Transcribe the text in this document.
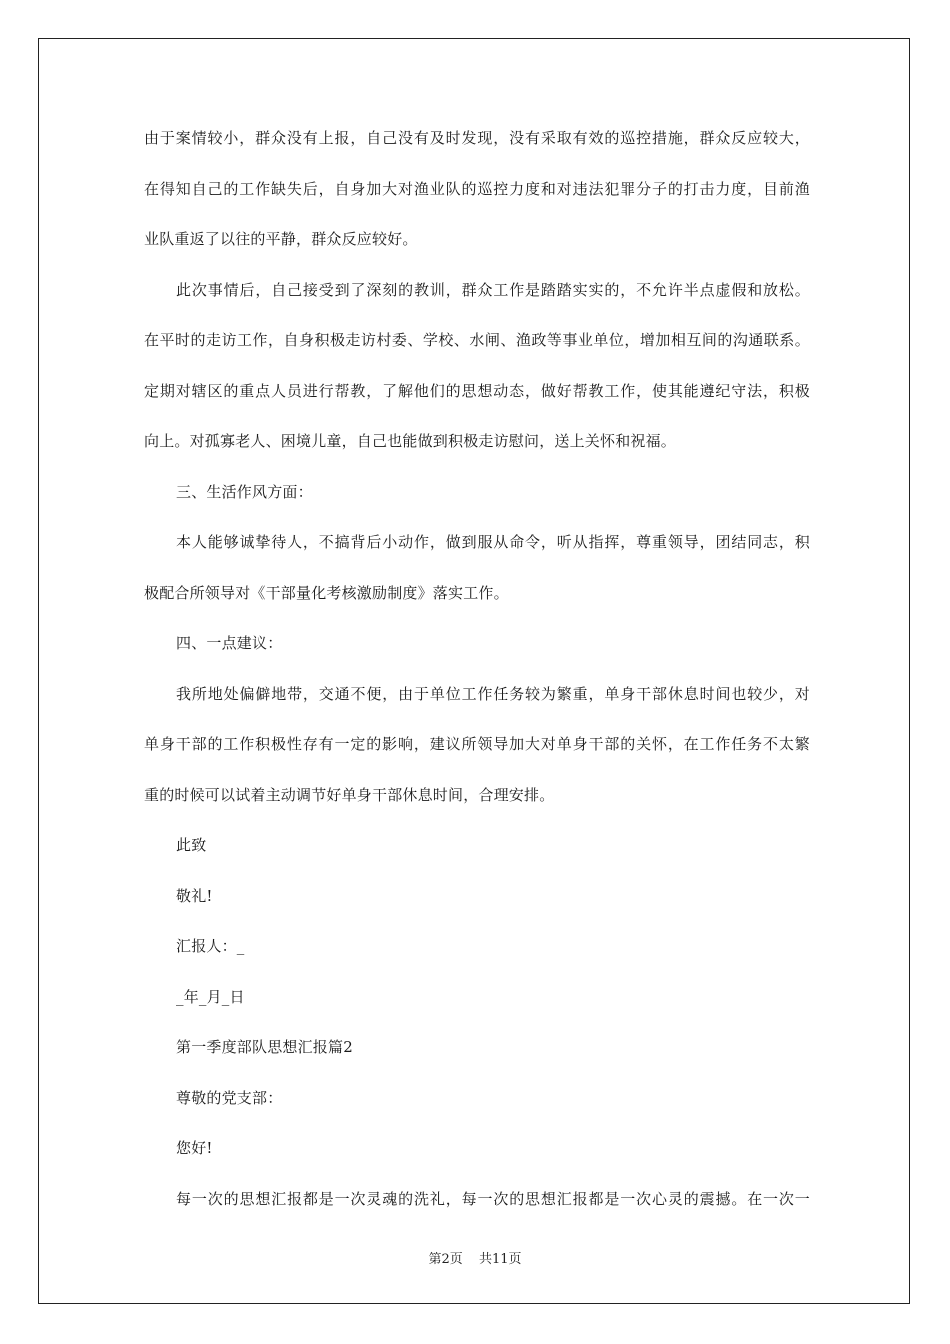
由于案情较小，群众没有上报，自己没有及时发现，没有采取有效的巡控措施，群众反应较大，
在得知自己的工作缺失后，自身加大对渔业队的巡控力度和对违法犯罪分子的打击力度，目前渔
业队重返了以往的平静，群众反应较好。
此次事情后，自己接受到了深刻的教训，群众工作是踏踏实实的，不允许半点虚假和放松。
在平时的走访工作，自身积极走访村委、学校、水闸、渔政等事业单位，增加相互间的沟通联系。
定期对辖区的重点人员进行帮教，了解他们的思想动态，做好帮教工作，使其能遵纪守法，积极
向上。对孤寡老人、困境儿童，自己也能做到积极走访慰问，送上关怀和祝福。
三、生活作风方面：
本人能够诚挚待人，不搞背后小动作，做到服从命令，听从指挥，尊重领导，团结同志，积
极配合所领导对《干部量化考核激励制度》落实工作。
四、一点建议：
我所地处偏僻地带，交通不便，由于单位工作任务较为繁重，单身干部休息时间也较少，对
单身干部的工作积极性存有一定的影响，建议所领导加大对单身干部的关怀，在工作任务不太繁
重的时候可以试着主动调节好单身干部休息时间，合理安排。
此致
敬礼!
汇报人：_
_年_月_日
第一季度部队思想汇报篇2
尊敬的党支部：
您好!
每一次的思想汇报都是一次灵魂的洗礼，每一次的思想汇报都是一次心灵的震撼。在一次一
第2页 共11页
